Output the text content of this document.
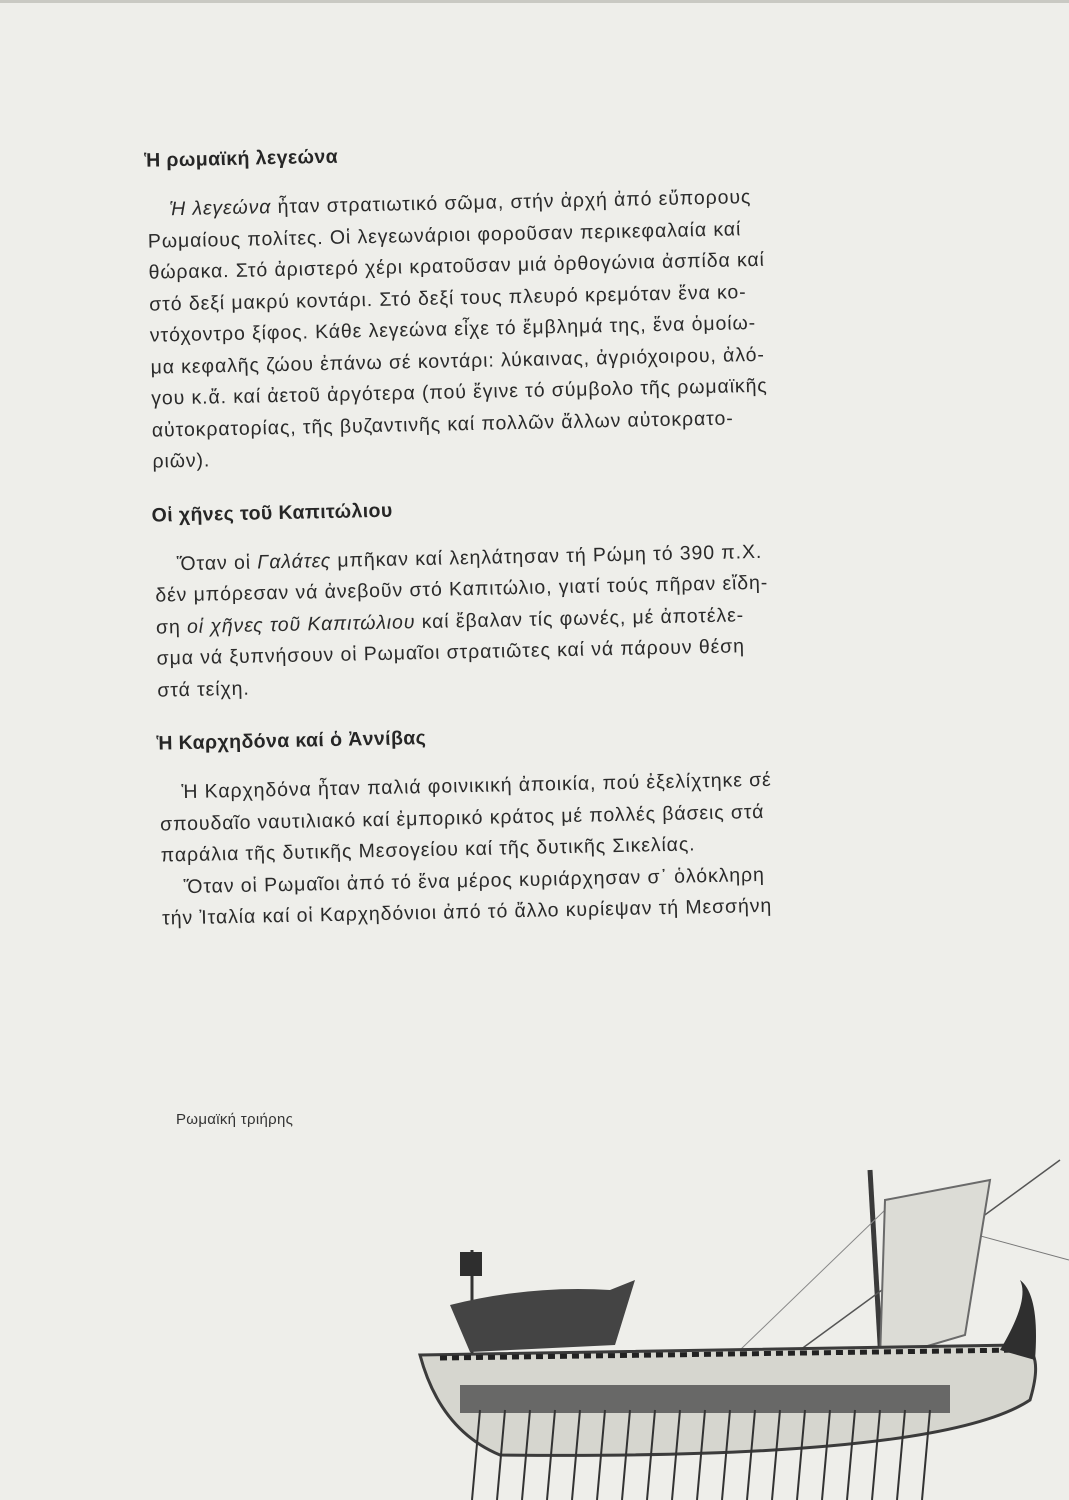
Ἡ ρωμαϊκή λεγεώνα

Ἡ λεγεώνα ἦταν στρατιωτικό σῶμα, στήν ἀρχή ἀπό εὔπορους
Ρωμαίους πολίτες. Οἱ λεγεωνάριοι φοροῦσαν περικεφαλαία καί
θώρακα. Στό ἀριστερό χέρι κρατοῦσαν μιά ὀρθογώνια ἀσπίδα καί
στό δεξί μακρύ κοντάρι. Στό δεξί τους πλευρό κρεμόταν ἕνα κο-
ντόχοντρο ξίφος. Κάθε λεγεώνα εἶχε τό ἔμβλημά της, ἕνα ὁμοίω-
μα κεφαλῆς ζώου ἐπάνω σέ κοντάρι: λύκαινας, ἀγριόχοιρου, ἀλό-
γου κ.ἄ. καί ἀετοῦ ἀργότερα (πού ἔγινε τό σύμβολο τῆς ρωμαϊκῆς
αὐτοκρατορίας, τῆς βυζαντινῆς καί πολλῶν ἄλλων αὐτοκρατο-
ριῶν).

Οἱ χῆνες τοῦ Καπιτώλιου

Ὅταν οἱ Γαλάτες μπῆκαν καί λεηλάτησαν τή Ρώμη τό 390 π.Χ.
δέν μπόρεσαν νά ἀνεβοῦν στό Καπιτώλιο, γιατί τούς πῆραν εἴδη-
ση οἱ χῆνες τοῦ Καπιτώλιου καί ἔβαλαν τίς φωνές, μέ ἀποτέλε-
σμα νά ξυπνήσουν οἱ Ρωμαῖοι στρατιῶτες καί νά πάρουν θέση
στά τείχη.

Ἡ Καρχηδόνα καί ὁ Ἀννίβας

Ἡ Καρχηδόνα ἦταν παλιά φοινικική ἀποικία, πού ἐξελίχτηκε σέ
σπουδαῖο ναυτιλιακό καί ἐμπορικό κράτος μέ πολλές βάσεις στά
παράλια τῆς δυτικῆς Μεσογείου καί τῆς δυτικῆς Σικελίας.
Ὅταν οἱ Ρωμαῖοι ἀπό τό ἕνα μέρος κυριάρχησαν σ᾿ ὁλόκληρη
τήν Ἰταλία καί οἱ Καρχηδόνιοι ἀπό τό ἄλλο κυρίεψαν τή Μεσσήνη

Ρωμαϊκή τριήρης
